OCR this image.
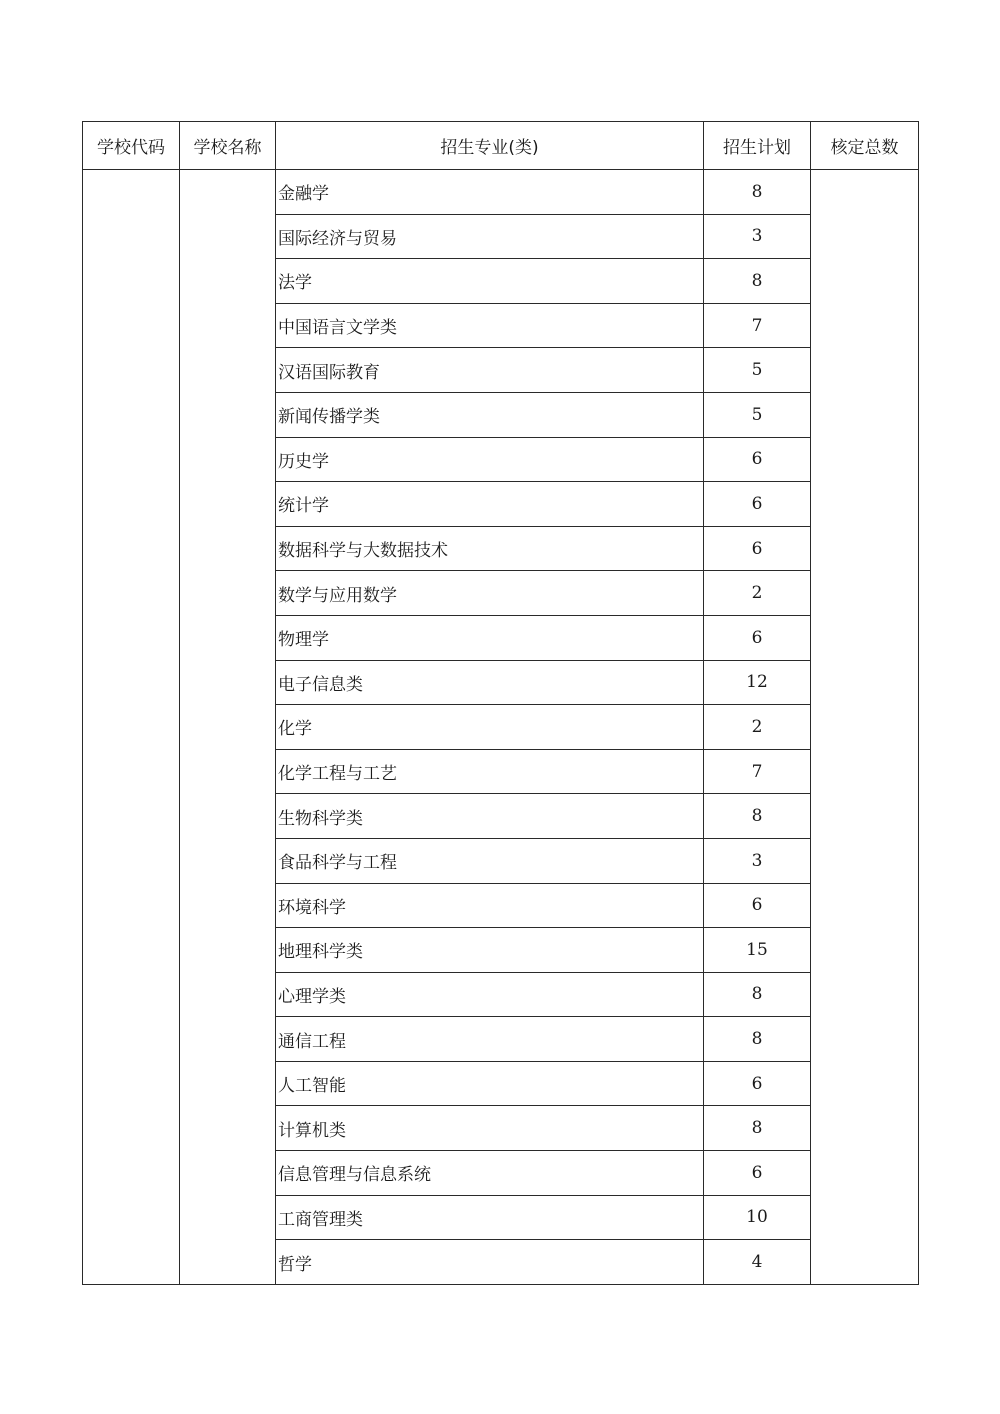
学校代码	学校名称	招生专业(类)	招生计划	核定总数
		金融学	8	
		国际经济与贸易	3	
		法学	8	
		中国语言文学类	7	
		汉语国际教育	5	
		新闻传播学类	5	
		历史学	6	
		统计学	6	
		数据科学与大数据技术	6	
		数学与应用数学	2	
		物理学	6	
		电子信息类	12	
		化学	2	
		化学工程与工艺	7	
		生物科学类	8	
		食品科学与工程	3	
		环境科学	6	
		地理科学类	15	
		心理学类	8	
		通信工程	8	
		人工智能	6	
		计算机类	8	
		信息管理与信息系统	6	
		工商管理类	10	
		哲学	4	
